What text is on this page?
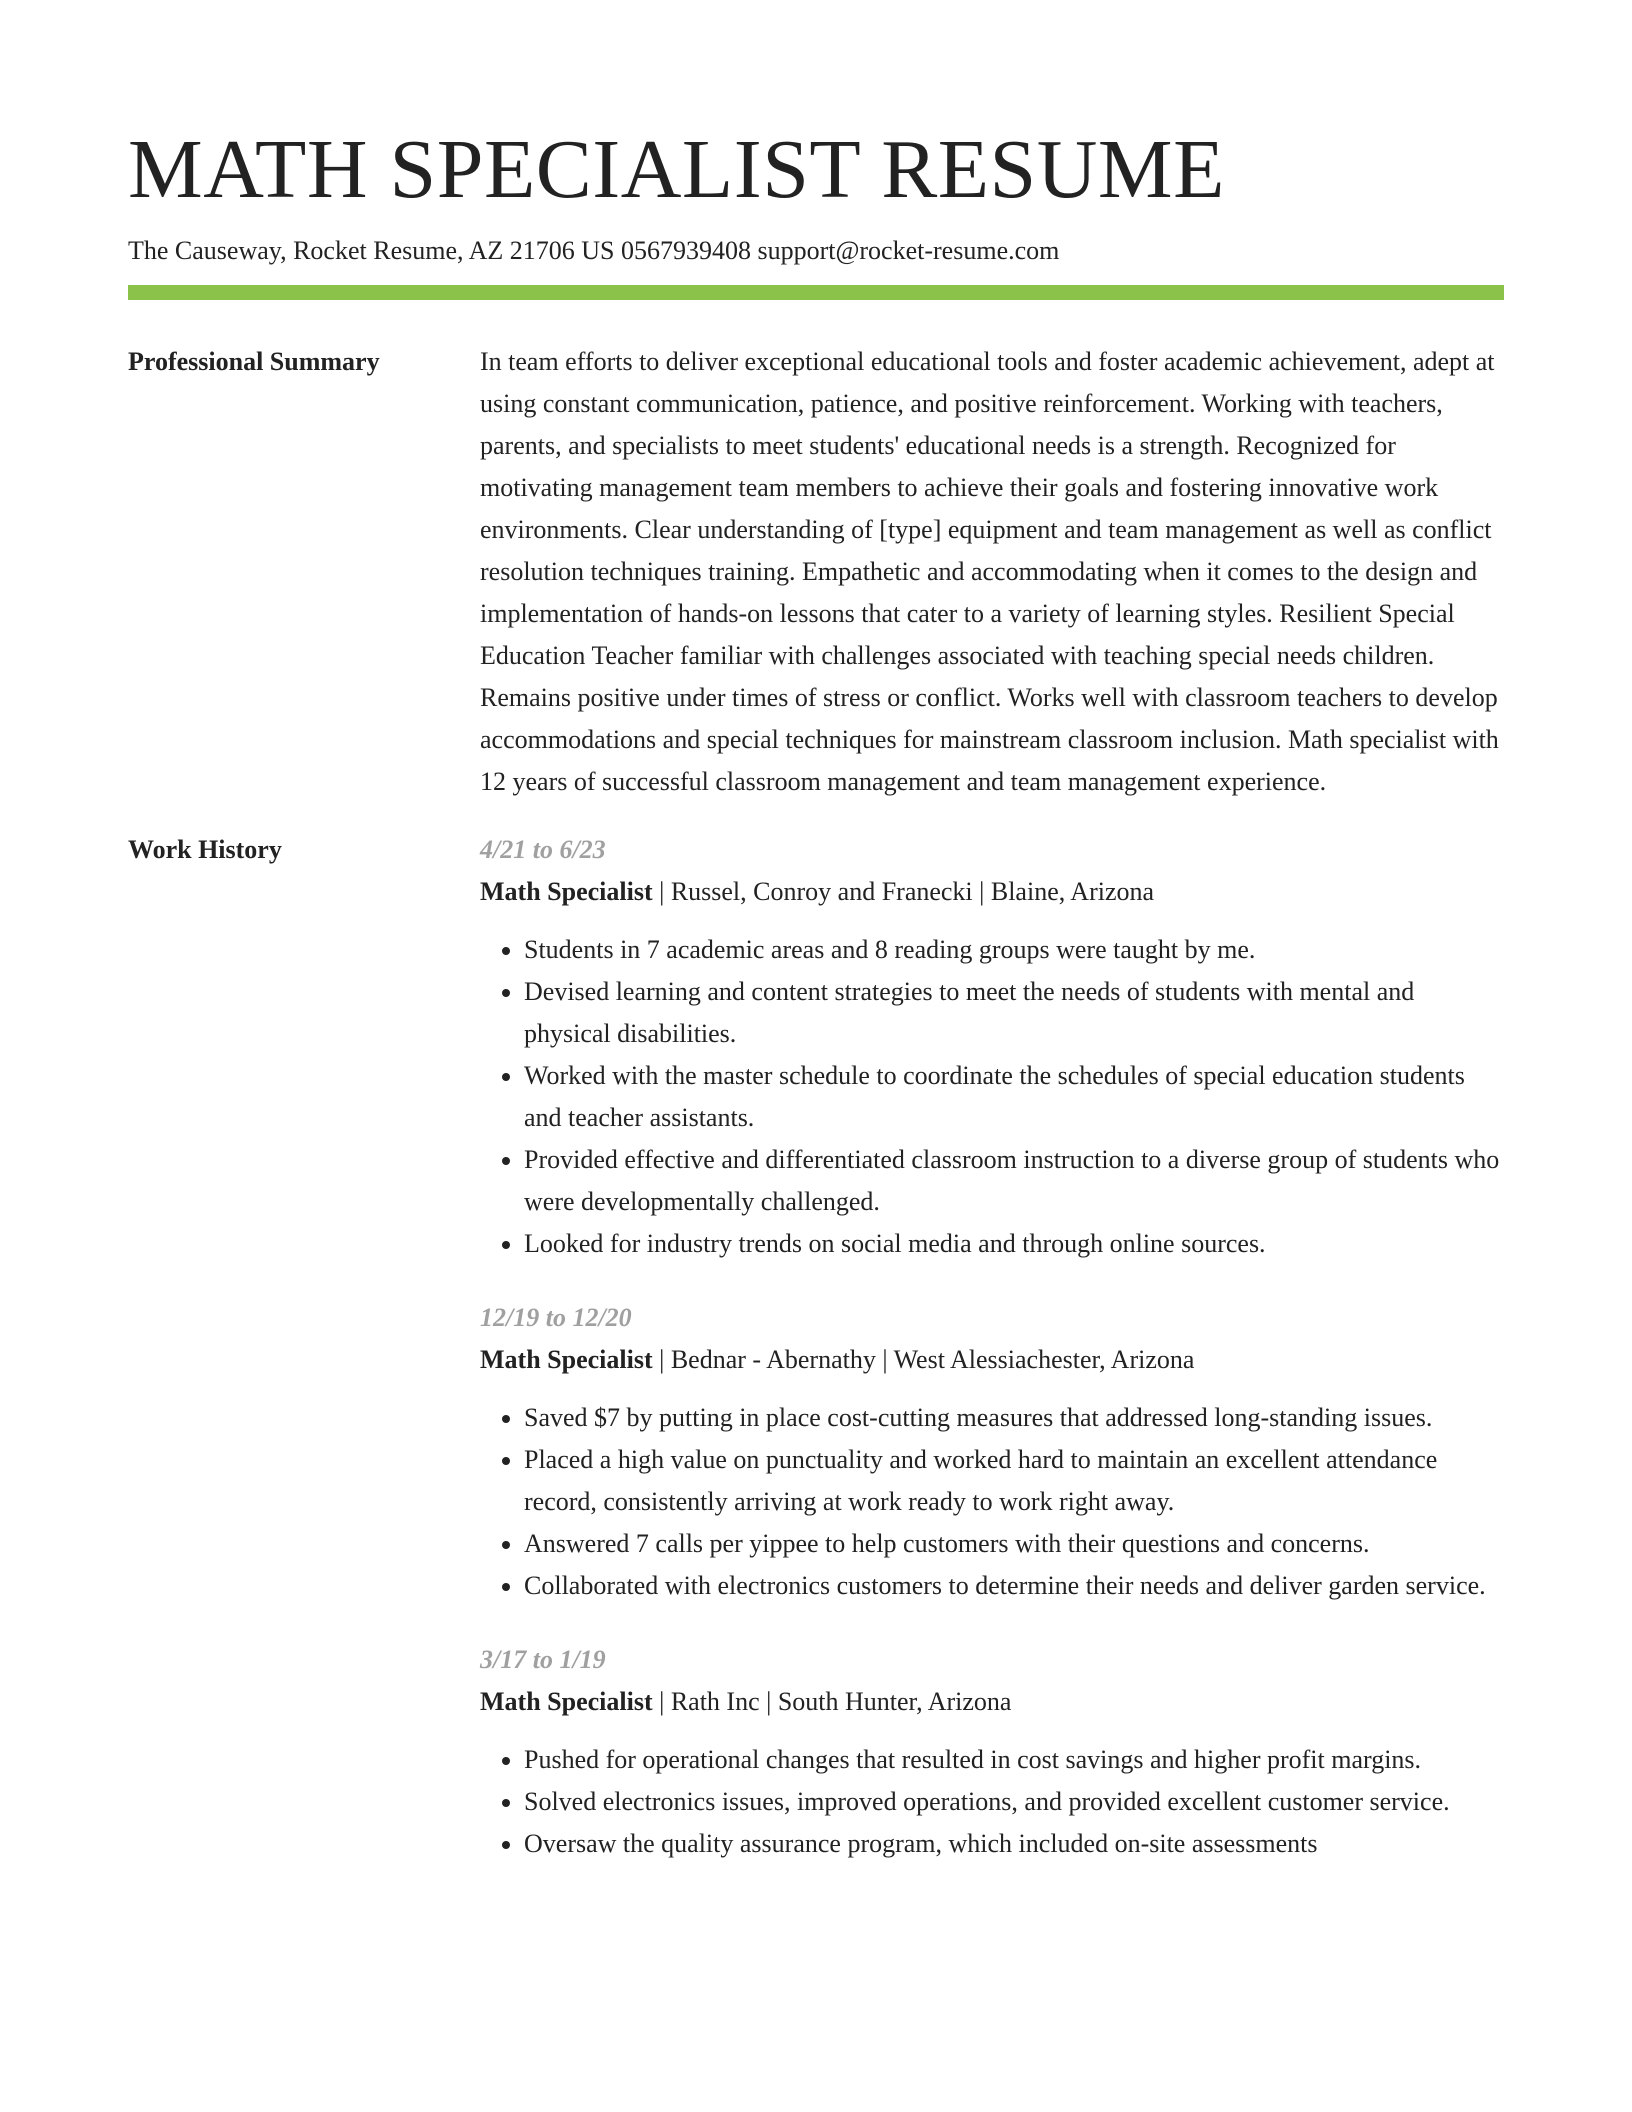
MATH SPECIALIST RESUME
The Causeway, Rocket Resume, AZ 21706 US 0567939408 support@rocket-resume.com
Professional Summary	In team efforts to deliver exceptional educational tools and foster academic achievement, adept at using constant communication, patience, and positive reinforcement. Working with teachers, parents, and specialists to meet students' educational needs is a strength. Recognized for motivating management team members to achieve their goals and fostering innovative work environments. Clear understanding of [type] equipment and team management as well as conflict resolution techniques training. Empathetic and accommodating when it comes to the design and implementation of hands-on lessons that cater to a variety of learning styles. Resilient Special Education Teacher familiar with challenges associated with teaching special needs children. Remains positive under times of stress or conflict. Works well with classroom teachers to develop accommodations and special techniques for mainstream classroom inclusion. Math specialist with 12 years of successful classroom management and team management experience.

Work History	4/21 to 6/23
Math Specialist | Russel, Conroy and Franecki | Blaine, Arizona
• Students in 7 academic areas and 8 reading groups were taught by me.
• Devised learning and content strategies to meet the needs of students with mental and physical disabilities.
• Worked with the master schedule to coordinate the schedules of special education students and teacher assistants.
• Provided effective and differentiated classroom instruction to a diverse group of students who were developmentally challenged.
• Looked for industry trends on social media and through online sources.
12/19 to 12/20
Math Specialist | Bednar - Abernathy | West Alessiachester, Arizona
• Saved $7 by putting in place cost-cutting measures that addressed long-standing issues.
• Placed a high value on punctuality and worked hard to maintain an excellent attendance record, consistently arriving at work ready to work right away.
• Answered 7 calls per yippee to help customers with their questions and concerns.
• Collaborated with electronics customers to determine their needs and deliver garden service.
3/17 to 1/19
Math Specialist | Rath Inc | South Hunter, Arizona
• Pushed for operational changes that resulted in cost savings and higher profit margins.
• Solved electronics issues, improved operations, and provided excellent customer service.
• Oversaw the quality assurance program, which included on-site assessments
